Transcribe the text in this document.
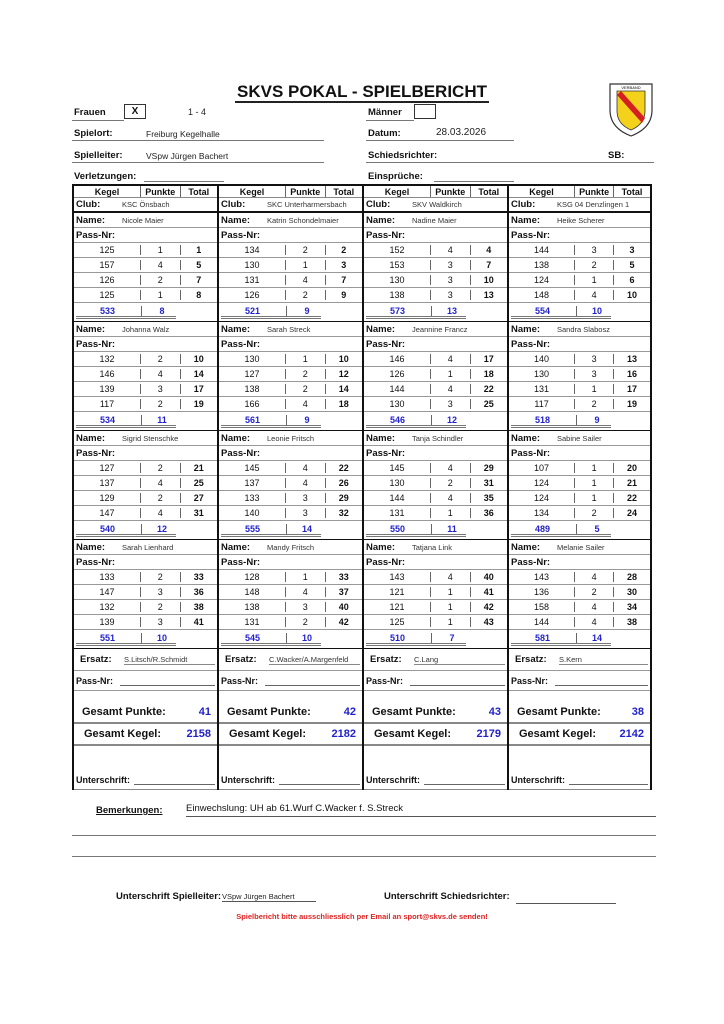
SKVS POKAL - SPIELBERICHT	VERBAND
Frauen	X	1 - 4	Männer
Spielort:	Freiburg Kegelhalle	Datum:	28.03.2026
Spielleiter:	VSpw Jürgen Bachert	Schiedsrichter:	SB:
Verletzungen:	Einsprüche:
Kegel	Punkte	Total
Club:	KSC Önsbach
Name:	Nicole Maier
Pass-Nr:
125	1	1
157	4	5
126	2	7
125	1	8
533	8
Name:	Johanna Walz
Pass-Nr:
132	2	10
146	4	14
139	3	17
117	2	19
534	11
Name:	Sigrid Stenschke
Pass-Nr:
127	2	21
137	4	25
129	2	27
147	4	31
540	12
Name:	Sarah Lienhard
Pass-Nr:
133	2	33
147	3	36
132	2	38
139	3	41
551	10
Ersatz:	S.Litsch/R.Schmidt
Pass-Nr:
Gesamt Punkte:	41
Gesamt Kegel:	2158
Unterschrift:
Kegel	Punkte	Total
Club:	SKC Unterharmersbach
Name:	Katrin Schondelmaier
Pass-Nr:
134	2	2
130	1	3
131	4	7
126	2	9
521	9
Name:	Sarah Streck
Pass-Nr:
130	1	10
127	2	12
138	2	14
166	4	18
561	9
Name:	Leonie Fritsch
Pass-Nr:
145	4	22
137	4	26
133	3	29
140	3	32
555	14
Name:	Mandy Fritsch
Pass-Nr:
128	1	33
148	4	37
138	3	40
131	2	42
545	10
Ersatz:	C.Wacker/A.Margenfeld
Pass-Nr:
Gesamt Punkte:	42
Gesamt Kegel:	2182
Unterschrift:
Kegel	Punkte	Total
Club:	SKV Waldkirch
Name:	Nadine Maier
Pass-Nr:
152	4	4
153	3	7
130	3	10
138	3	13
573	13
Name:	Jeannine Francz
Pass-Nr:
146	4	17
126	1	18
144	4	22
130	3	25
546	12
Name:	Tanja Schindler
Pass-Nr:
145	4	29
130	2	31
144	4	35
131	1	36
550	11
Name:	Tatjana Link
Pass-Nr:
143	4	40
121	1	41
121	1	42
125	1	43
510	7
Ersatz:	C.Lang
Pass-Nr:
Gesamt Punkte:	43
Gesamt Kegel:	2179
Unterschrift:
Kegel	Punkte	Total
Club:	KSG 04 Denzlingen 1
Name:	Heike Scherer
Pass-Nr:
144	3	3
138	2	5
124	1	6
148	4	10
554	10
Name:	Sandra Slabosz
Pass-Nr:
140	3	13
130	3	16
131	1	17
117	2	19
518	9
Name:	Sabine Sailer
Pass-Nr:
107	1	20
124	1	21
124	1	22
134	2	24
489	5
Name:	Melanie Sailer
Pass-Nr:
143	4	28
136	2	30
158	4	34
144	4	38
581	14
Ersatz:	S.Kern
Pass-Nr:
Gesamt Punkte:	38
Gesamt Kegel:	2142
Unterschrift:
Bemerkungen: Einwechslung: UH ab 61.Wurf C.Wacker f. S.Streck
Unterschrift Spielleiter: VSpw Jürgen Bachert	Unterschrift Schiedsrichter:
Spielbericht bitte ausschliesslich per Email an sport@skvs.de senden!
